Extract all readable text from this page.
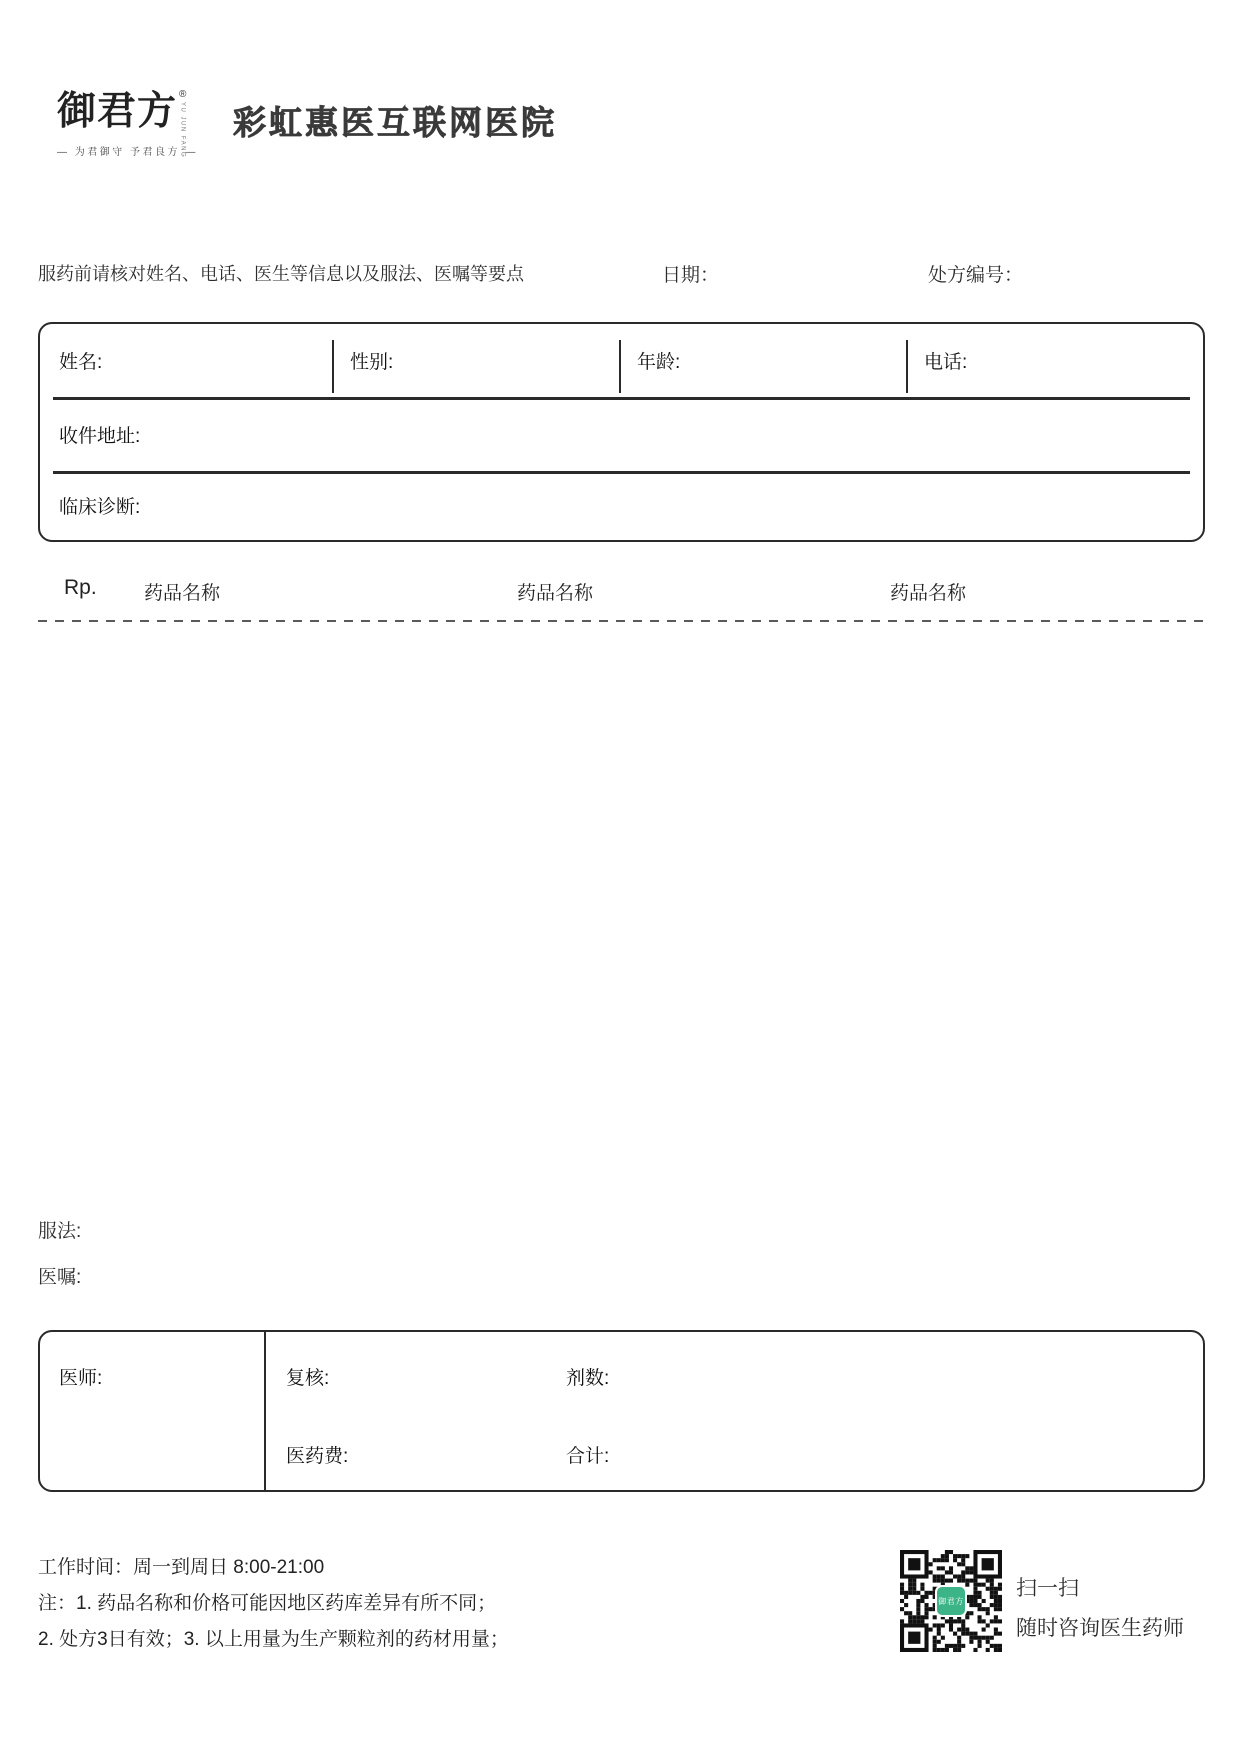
御君方 ®
YU JUN FANG
— 为君御守 予君良方 —
彩虹惠医互联网医院
服药前请核对姓名、电话、医生等信息以及服法、医嘱等要点	日期：	处方编号：
姓名:	性别:	年龄:	电话:
收件地址:
临床诊断:
Rp. 药品名称	药品名称	药品名称
服法:
医嘱:
医师:	复核:	剂数:
医药费:	合计:
工作时间：周一到周日 8:00-21:00
注：1. 药品名称和价格可能因地区药库差异有所不同；
2. 处方3日有效；3. 以上用量为生产颗粒剂的药材用量；
御君方
扫一扫
随时咨询医生药师
